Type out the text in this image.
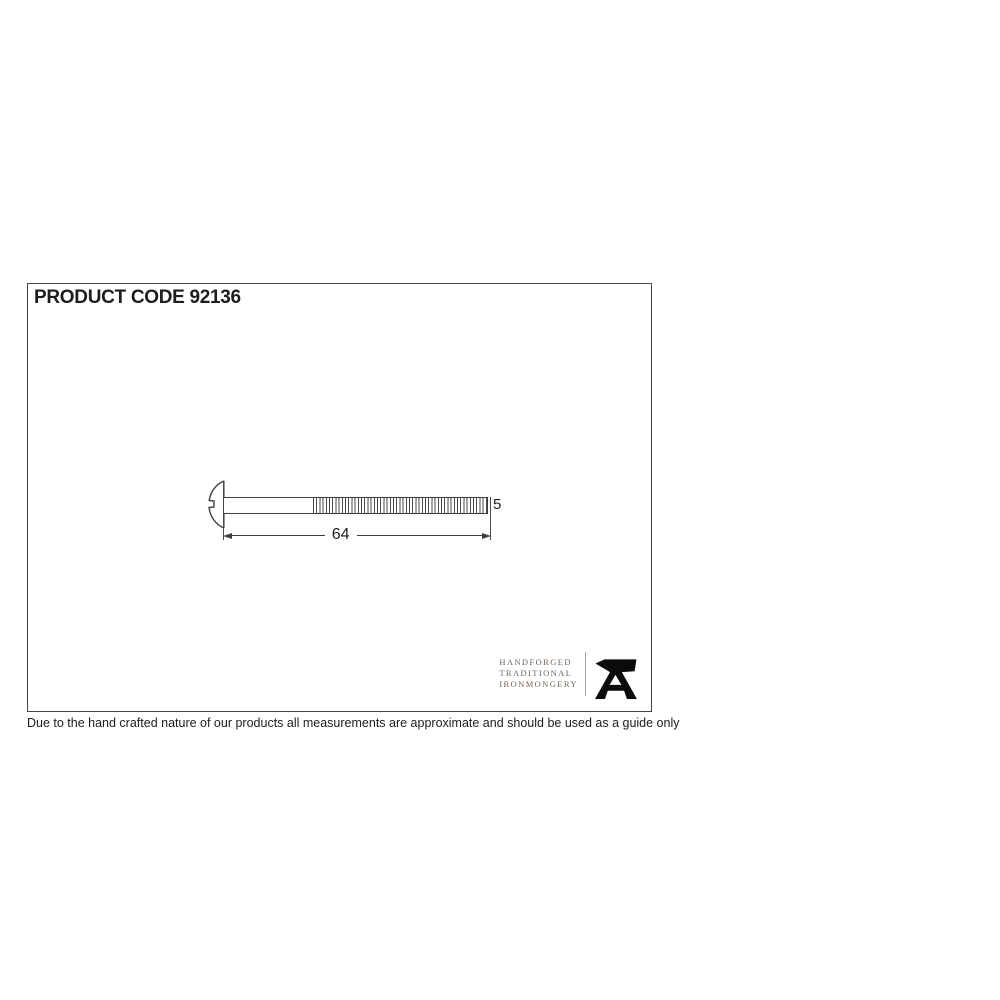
PRODUCT CODE 92136
64
5
HANDFORGED
TRADITIONAL
IRONMONGERY
Due to the hand crafted nature of our products all measurements are approximate and should be used as a guide only
